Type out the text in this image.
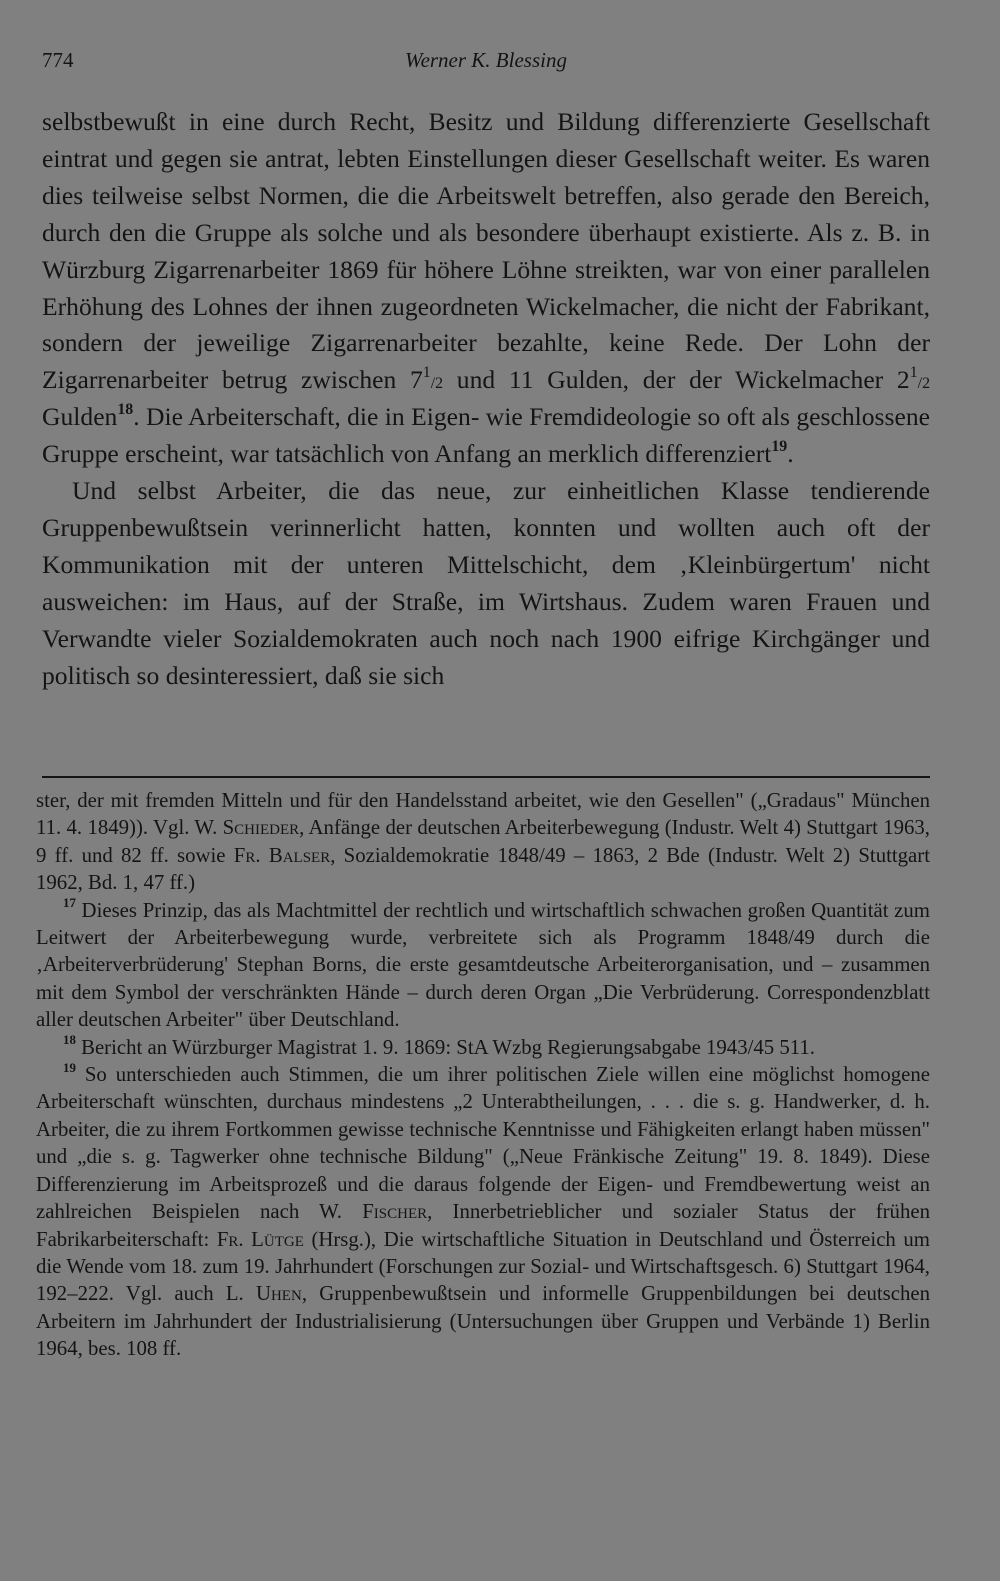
774	Werner K. Blessing

selbstbewußt in eine durch Recht, Besitz und Bildung differenzierte Gesellschaft eintrat und gegen sie antrat, lebten Einstellungen dieser Gesellschaft weiter. Es waren dies teilweise selbst Normen, die die Arbeitswelt betreffen, also gerade den Bereich, durch den die Gruppe als solche und als besondere überhaupt existierte. Als z. B. in Würzburg Zigarrenarbeiter 1869 für höhere Löhne streikten, war von einer parallelen Erhöhung des Lohnes der ihnen zugeordneten Wickelmacher, die nicht der Fabrikant, sondern der jeweilige Zigarrenarbeiter bezahlte, keine Rede. Der Lohn der Zigarrenarbeiter betrug zwischen $7^1/2$ und 11 Gulden, der der Wickelmacher $2^1/2$ Gulden$^{18}$. Die Arbeiterschaft, die in Eigen- wie Fremdideologie so oft als geschlossene Gruppe erscheint, war tatsächlich von Anfang an merklich differenziert$^{19}$.

Und selbst Arbeiter, die das neue, zur einheitlichen Klasse tendierende Gruppenbewußtsein verinnerlicht hatten, konnten und wollten auch oft der Kommunikation mit der unteren Mittelschicht, dem ‚Kleinbürgertum' nicht ausweichen: im Haus, auf der Straße, im Wirtshaus. Zudem waren Frauen und Verwandte vieler Sozialdemokraten auch noch nach 1900 eifrige Kirchgänger und politisch so desinteressiert, daß sie sich

ster, der mit fremden Mitteln und für den Handelsstand arbeitet, wie den Gesellen" („Gradaus" München 11. 4. 1849)). Vgl. W. Schieder, Anfänge der deutschen Arbeiterbewegung (Industr. Welt 4) Stuttgart 1963, 9 ff. und 82 ff. sowie Fr. Balser, Sozialdemokratie 1848/49 – 1863, 2 Bde (Industr. Welt 2) Stuttgart 1962, Bd. 1, 47 ff.)

$^{17}$ Dieses Prinzip, das als Machtmittel der rechtlich und wirtschaftlich schwachen großen Quantität zum Leitwert der Arbeiterbewegung wurde, verbreitete sich als Programm 1848/49 durch die ‚Arbeiterverbrüderung' Stephan Borns, die erste gesamtdeutsche Arbeiterorganisation, und – zusammen mit dem Symbol der verschränkten Hände – durch deren Organ „Die Verbrüderung. Correspondenzblatt aller deutschen Arbeiter" über Deutschland.

$^{18}$ Bericht an Würzburger Magistrat 1. 9. 1869: StA Wzbg Regierungsabgabe 1943/45 511.

$^{19}$ So unterschieden auch Stimmen, die um ihrer politischen Ziele willen eine möglichst homogene Arbeiterschaft wünschten, durchaus mindestens „2 Unterabtheilungen, . . . die s. g. Handwerker, d. h. Arbeiter, die zu ihrem Fortkommen gewisse technische Kenntnisse und Fähigkeiten erlangt haben müssen" und „die s. g. Tagwerker ohne technische Bildung" („Neue Fränkische Zeitung" 19. 8. 1849). Diese Differenzierung im Arbeitsprozeß und die daraus folgende der Eigen- und Fremdbewertung weist an zahlreichen Beispielen nach W. Fischer, Innerbetrieblicher und sozialer Status der frühen Fabrikarbeiterschaft: Fr. Lütge (Hrsg.), Die wirtschaftliche Situation in Deutschland und Österreich um die Wende vom 18. zum 19. Jahrhundert (Forschungen zur Sozial- und Wirtschaftsgesch. 6) Stuttgart 1964, 192–222. Vgl. auch L. Uhen, Gruppenbewußtsein und informelle Gruppenbildungen bei deutschen Arbeitern im Jahrhundert der Industrialisierung (Untersuchungen über Gruppen und Verbände 1) Berlin 1964, bes. 108 ff.
